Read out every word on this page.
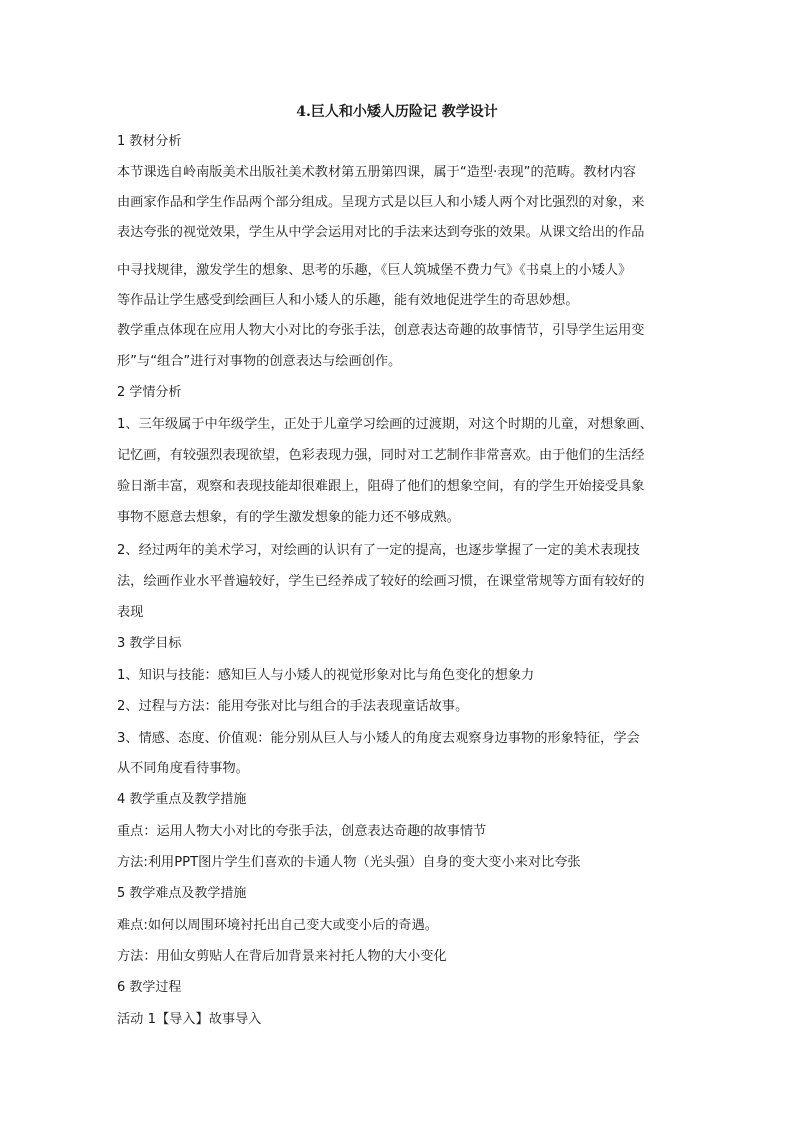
4.巨人和小矮人历险记 教学设计
1 教材分析
本节课选自岭南版美术出版社美术教材第五册第四课，属于“造型·表现”的范畴。教材内容
由画家作品和学生作品两个部分组成。呈现方式是以巨人和小矮人两个对比强烈的对象，来
表达夸张的视觉效果，学生从中学会运用对比的手法来达到夸张的效果。从课文给出的作品
中寻找规律，激发学生的想象、思考的乐趣，《巨人筑城堡不费力气》《书桌上的小矮人》
等作品让学生感受到绘画巨人和小矮人的乐趣，能有效地促进学生的奇思妙想。
教学重点体现在应用人物大小对比的夸张手法，创意表达奇趣的故事情节，引导学生运用变
形”与“组合”进行对事物的创意表达与绘画创作。
2 学情分析
1、三年级属于中年级学生，正处于儿童学习绘画的过渡期，对这个时期的儿童，对想象画、
记忆画，有较强烈表现欲望，色彩表现力强，同时对工艺制作非常喜欢。由于他们的生活经
验日渐丰富，观察和表现技能却很难跟上，阻碍了他们的想象空间，有的学生开始接受具象
事物不愿意去想象，有的学生激发想象的能力还不够成熟。
2、经过两年的美术学习，对绘画的认识有了一定的提高，也逐步掌握了一定的美术表现技
法，绘画作业水平普遍较好，学生已经养成了较好的绘画习惯，在课堂常规等方面有较好的
表现
3 教学目标
1、知识与技能：感知巨人与小矮人的视觉形象对比与角色变化的想象力
2、过程与方法：能用夸张对比与组合的手法表现童话故事。
3、情感、态度、价值观：能分别从巨人与小矮人的角度去观察身边事物的形象特征，学会
从不同角度看待事物。
4 教学重点及教学措施
重点：运用人物大小对比的夸张手法，创意表达奇趣的故事情节
方法:利用PPT图片学生们喜欢的卡通人物（光头强）自身的变大变小来对比夸张
5 教学难点及教学措施
难点:如何以周围环境衬托出自己变大或变小后的奇遇。
方法：用仙女剪贴人在背后加背景来衬托人物的大小变化
6 教学过程
活动 1【导入】故事导入
